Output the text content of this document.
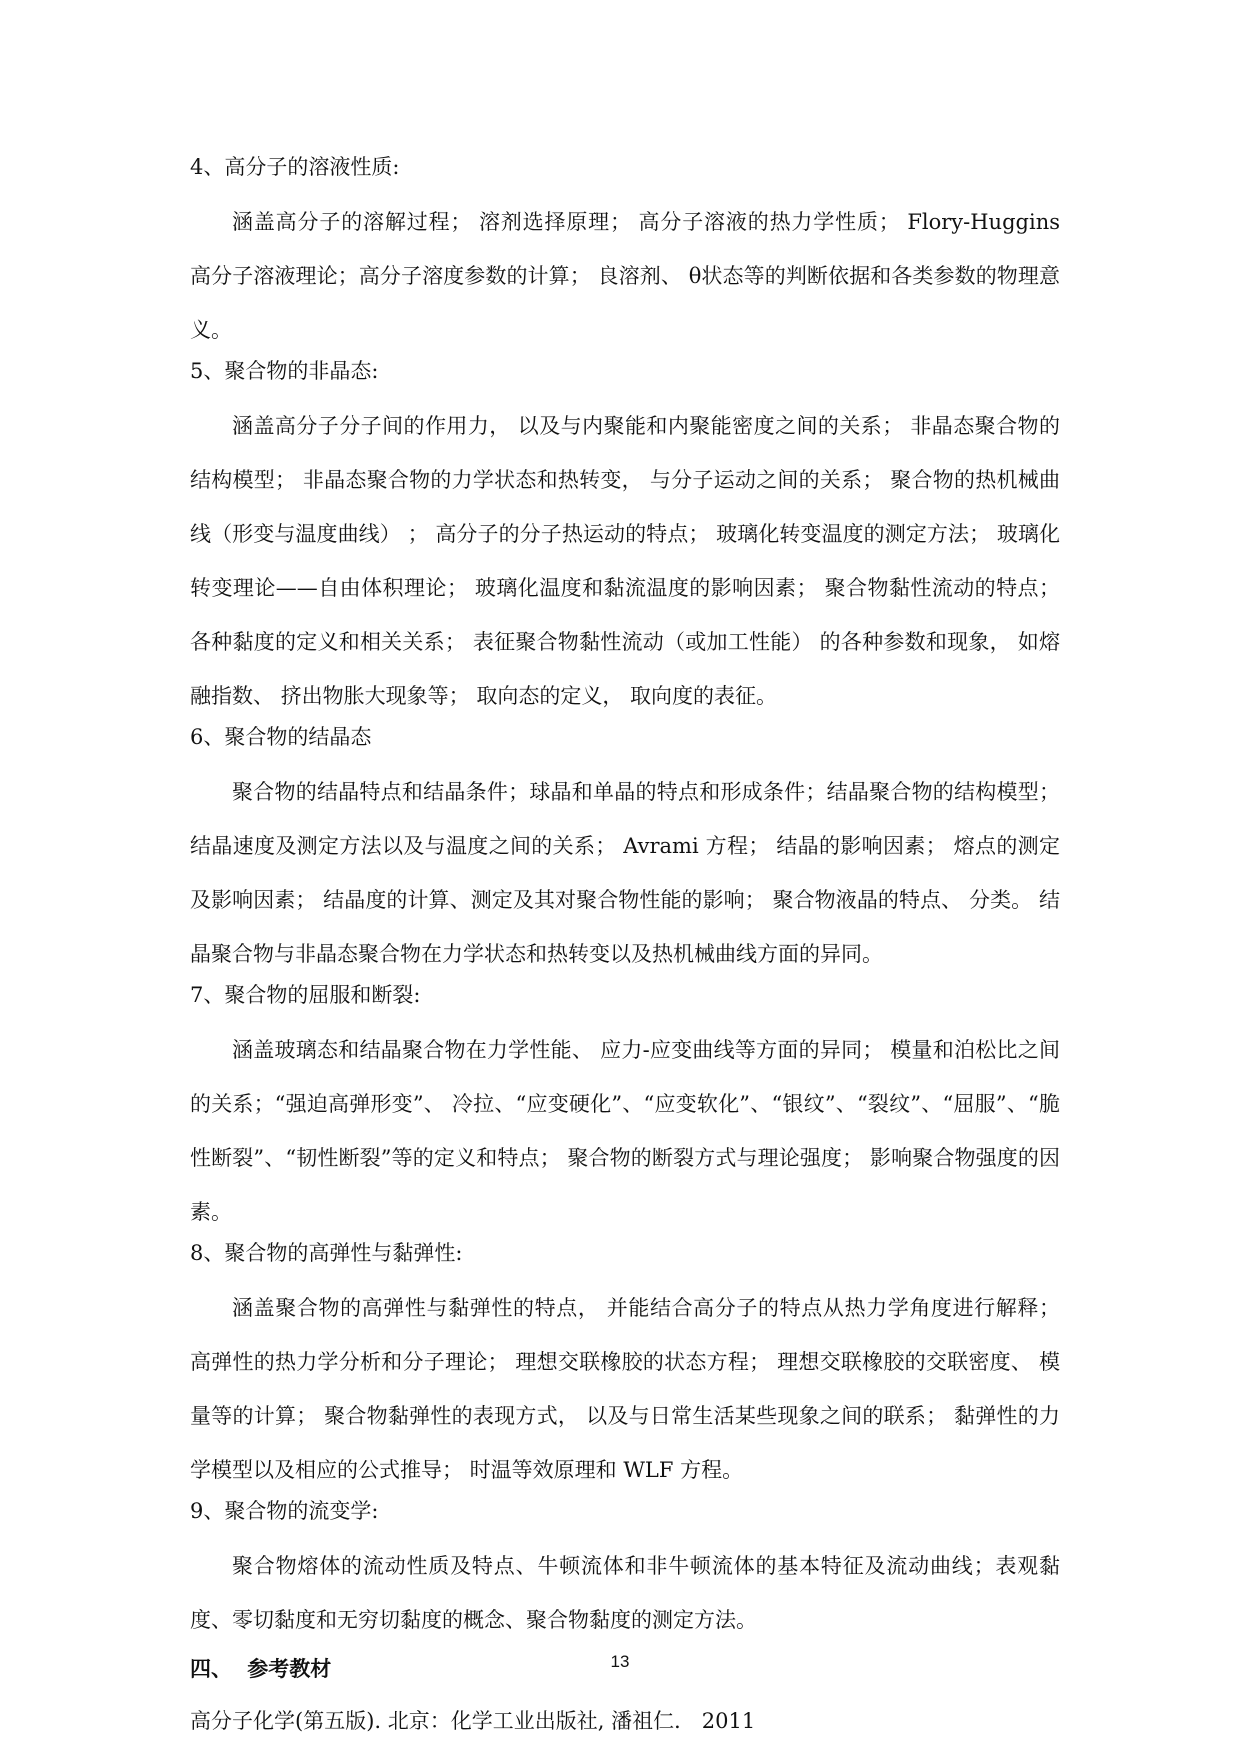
4、高分子的溶液性质:

涵盖高分子的溶解过程； 溶剂选择原理； 高分子溶液的热力学性质； Flory-Huggins 高分子溶液理论；高分子溶度参数的计算； 良溶剂、 θ状态等的判断依据和各类参数的物理意义。

5、聚合物的非晶态:

涵盖高分子分子间的作用力， 以及与内聚能和内聚能密度之间的关系； 非晶态聚合物的结构模型； 非晶态聚合物的力学状态和热转变， 与分子运动之间的关系； 聚合物的热机械曲线（形变与温度曲线） ； 高分子的分子热运动的特点； 玻璃化转变温度的测定方法； 玻璃化转变理论——自由体积理论； 玻璃化温度和黏流温度的影响因素； 聚合物黏性流动的特点； 各种黏度的定义和相关关系； 表征聚合物黏性流动（或加工性能） 的各种参数和现象， 如熔融指数、 挤出物胀大现象等； 取向态的定义， 取向度的表征。

6、聚合物的结晶态

聚合物的结晶特点和结晶条件；球晶和单晶的特点和形成条件；结晶聚合物的结构模型；结晶速度及测定方法以及与温度之间的关系； Avrami 方程； 结晶的影响因素； 熔点的测定及影响因素； 结晶度的计算、测定及其对聚合物性能的影响； 聚合物液晶的特点、 分类。 结晶聚合物与非晶态聚合物在力学状态和热转变以及热机械曲线方面的异同。

7、聚合物的屈服和断裂:

涵盖玻璃态和结晶聚合物在力学性能、 应力-应变曲线等方面的异同； 模量和泊松比之间的关系；“强迫高弹形变”、 冷拉、“应变硬化”、“应变软化”、“银纹”、“裂纹”、“屈服”、“脆性断裂”、“韧性断裂”等的定义和特点； 聚合物的断裂方式与理论强度； 影响聚合物强度的因素。

8、聚合物的高弹性与黏弹性:

涵盖聚合物的高弹性与黏弹性的特点， 并能结合高分子的特点从热力学角度进行解释； 高弹性的热力学分析和分子理论； 理想交联橡胶的状态方程； 理想交联橡胶的交联密度、 模量等的计算； 聚合物黏弹性的表现方式， 以及与日常生活某些现象之间的联系； 黏弹性的力学模型以及相应的公式推导； 时温等效原理和 WLF 方程。

9、聚合物的流变学:

聚合物熔体的流动性质及特点、牛顿流体和非牛顿流体的基本特征及流动曲线；表观黏度、零切黏度和无穷切黏度的概念、聚合物黏度的测定方法。

四、 参考教材
高分子化学(第五版). 北京：化学工业出版社, 潘祖仁． 2011
13
